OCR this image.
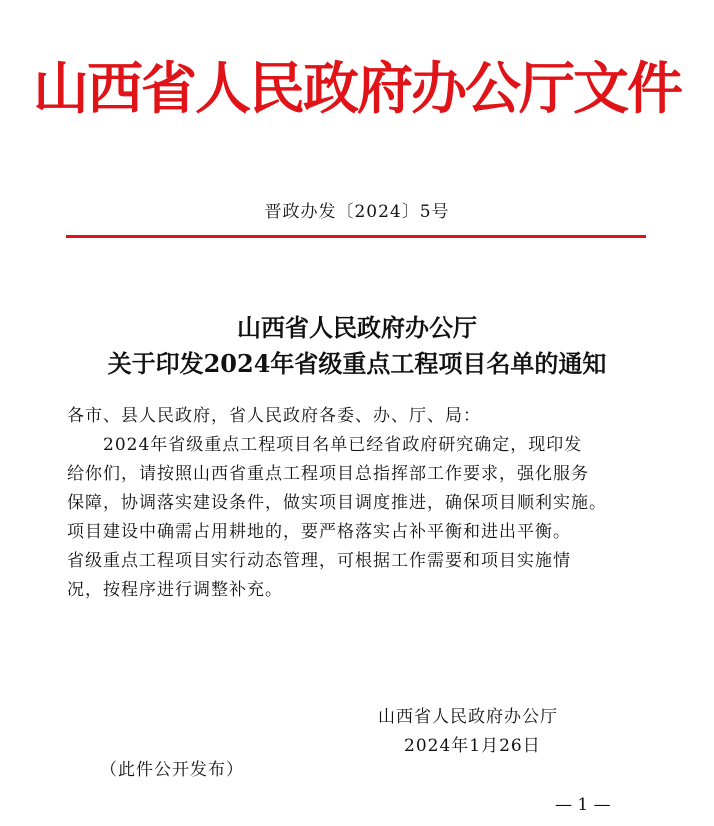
山西省人民政府办公厅文件
晋政办发〔2024〕5号
山西省人民政府办公厅
关于印发2024年省级重点工程项目名单的通知
各市、县人民政府，省人民政府各委、办、厅、局：
2024年省级重点工程项目名单已经省政府研究确定，现印发
给你们，请按照山西省重点工程项目总指挥部工作要求，强化服务
保障，协调落实建设条件，做实项目调度推进，确保项目顺利实施。
项目建设中确需占用耕地的，要严格落实占补平衡和进出平衡。
省级重点工程项目实行动态管理，可根据工作需要和项目实施情
况，按程序进行调整补充。
山西省人民政府办公厅
2024年1月26日
（此件公开发布）
— 1 —
